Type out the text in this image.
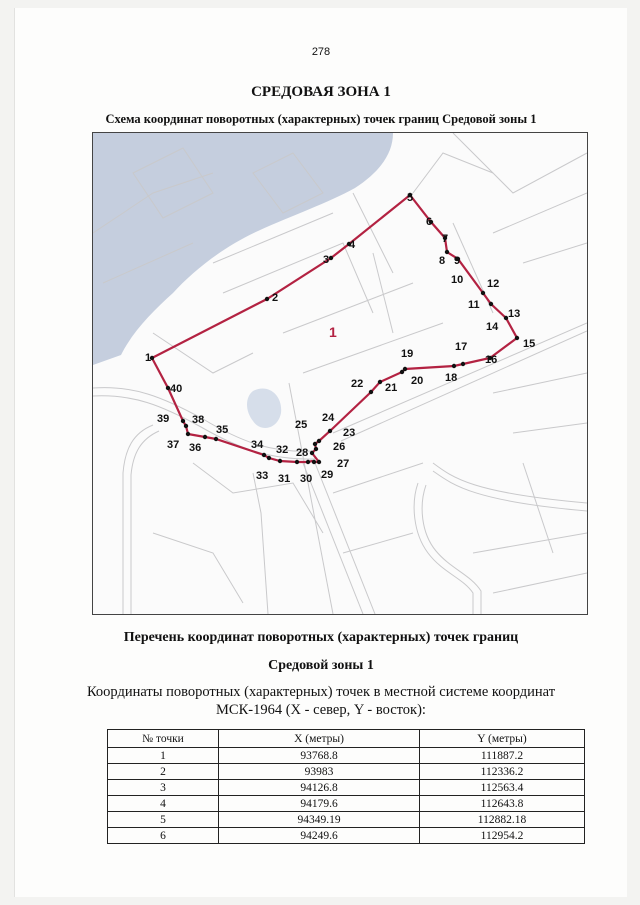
278
СРЕДОВАЯ ЗОНА 1
Схема координат поворотных (характерных) точек границ Средовой зоны 1
1
1
2
3
4
5
6
7
8 9
10
11
12
13
14
15
16
17
18
19
20
21
22
23
24
25
26
27
28
29
30
31
32
33
34
35
36
37
38
39
40
Перечень координат поворотных (характерных) точек границ
Средовой зоны 1
Координаты поворотных (характерных) точек в местной системе координат
МСК-1964 (X - север, Y - восток):
№ точки	X (метры)	Y (метры)
1	93768.8	111887.2
2	93983	112336.2
3	94126.8	112563.4
4	94179.6	112643.8
5	94349.19	112882.18
6	94249.6	112954.2
